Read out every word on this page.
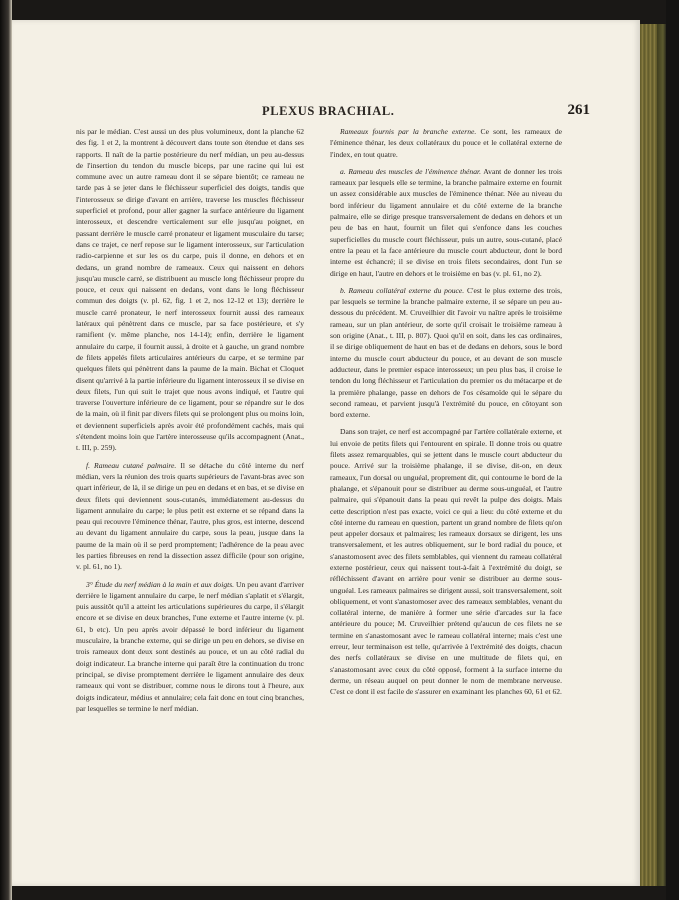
PLEXUS BRACHIAL.	261

nis par le médian. C'est aussi un des plus volumineux, dont la planche 62 des fig. 1 et 2, la montrent à découvert dans toute son étendue et dans ses rapports. Il naît de la partie postérieure du nerf médian, un peu au-dessus de l'insertion du tendon du muscle biceps, par une racine qui lui est commune avec un autre rameau dont il se sépare bientôt; ce rameau ne tarde pas à se jeter dans le fléchisseur superficiel des doigts, tandis que l'interosseux se dirige d'avant en arrière, traverse les muscles fléchisseur superficiel et profond, pour aller gagner la surface antérieure du ligament interosseux, et descendre verticalement sur elle jusqu'au poignet, en passant derrière le muscle carré pronateur et ligament musculaire du tarse; dans ce trajet, ce nerf repose sur le ligament interosseux, sur l'articulation radio-carpienne et sur les os du carpe, puis il donne, en dehors et en dedans, un grand nombre de rameaux. Ceux qui naissent en dehors jusqu'au muscle carré, se distribuent au muscle long fléchisseur propre du pouce, et ceux qui naissent en dedans, vont dans le long fléchisseur commun des doigts (v. pl. 62, fig. 1 et 2, nos 12-12 et 13); derrière le muscle carré pronateur, le nerf interosseux fournit aussi des rameaux latéraux qui pénètrent dans ce muscle, par sa face postérieure, et s'y ramifient (v. même planche, nos 14-14); enfin, derrière le ligament annulaire du carpe, il fournit aussi, à droite et à gauche, un grand nombre de filets appelés filets articulaires antérieurs du carpe, et se termine par quelques filets qui pénètrent dans la paume de la main. Bichat et Cloquet disent qu'arrivé à la partie inférieure du ligament interosseux il se divise en deux filets, l'un qui suit le trajet que nous avons indiqué, et l'autre qui traverse l'ouverture inférieure de ce ligament, pour se répandre sur le dos de la main, où il finit par divers filets qui se prolongent plus ou moins loin, et deviennent superficiels après avoir été profondément cachés, mais qui s'étendent moins loin que l'artère interosseuse qu'ils accompagnent (Anat., t. III, p. 259).

f. Rameau cutané palmaire. Il se détache du côté interne du nerf médian, vers la réunion des trois quarts supérieurs de l'avant-bras avec son quart inférieur, de là, il se dirige un peu en dedans et en bas, et se divise en deux filets qui deviennent sous-cutanés, immédiatement au-dessus du ligament annulaire du carpe; le plus petit est externe et se répand dans la peau qui recouvre l'éminence thénar, l'autre, plus gros, est interne, descend au devant du ligament annulaire du carpe, sous la peau, jusque dans la paume de la main où il se perd promptement; l'adhérence de la peau avec les parties fibreuses en rend la dissection assez difficile (pour son origine, v. pl. 61, no 1).

3° Étude du nerf médian à la main et aux doigts. Un peu avant d'arriver derrière le ligament annulaire du carpe, le nerf médian s'aplatit et s'élargit, puis aussitôt qu'il a atteint les articulations supérieures du carpe, il s'élargit encore et se divise en deux branches, l'une externe et l'autre interne (v. pl. 61, b etc). Un peu après avoir dépassé le bord inférieur du ligament musculaire, la branche externe, qui se dirige un peu en dehors, se divise en trois rameaux dont deux sont destinés au pouce, et un au côté radial du doigt indicateur. La branche interne qui paraît être la continuation du tronc principal, se divise promptement derrière le ligament annulaire des deux rameaux qui vont se distribuer, comme nous le dirons tout à l'heure, aux doigts indicateur, médius et annulaire; cela fait donc en tout cinq branches, par lesquelles se termine le nerf médian.

Rameaux fournis par la branche externe. Ce sont, les rameaux de l'éminence thénar, les deux collatéraux du pouce et le collatéral externe de l'index, en tout quatre.

a. Rameau des muscles de l'éminence thénar. Avant de donner les trois rameaux par lesquels elle se termine, la branche palmaire externe en fournit un assez considérable aux muscles de l'éminence thénar. Née au niveau du bord inférieur du ligament annulaire et du côté externe de la branche palmaire, elle se dirige presque transversalement de dedans en dehors et un peu de bas en haut, fournit un filet qui s'enfonce dans les couches superficielles du muscle court fléchisseur, puis un autre, sous-cutané, placé entre la peau et la face antérieure du muscle court abducteur, dont le bord interne est échancré; il se divise en trois filets secondaires, dont l'un se dirige en haut, l'autre en dehors et le troisième en bas (v. pl. 61, no 2).

b. Rameau collatéral externe du pouce. C'est le plus externe des trois, par lesquels se termine la branche palmaire externe, il se sépare un peu au-dessous du précédent. M. Cruveilhier dit l'avoir vu naître après le troisième rameau, sur un plan antérieur, de sorte qu'il croisait le troisième rameau à son origine (Anat., t. III, p. 807). Quoi qu'il en soit, dans les cas ordinaires, il se dirige obliquement de haut en bas et de dedans en dehors, sous le bord interne du muscle court abducteur du pouce, et au devant de son muscle adducteur, dans le premier espace interosseux; un peu plus bas, il croise le tendon du long fléchisseur et l'articulation du premier os du métacarpe et de la première phalange, passe en dehors de l'os césamoïde qui le sépare du second rameau, et parvient jusqu'à l'extrémité du pouce, en côtoyant son bord externe.

Dans son trajet, ce nerf est accompagné par l'artère collatérale externe, et lui envoie de petits filets qui l'entourent en spirale. Il donne trois ou quatre filets assez remarquables, qui se jettent dans le muscle court abducteur du pouce. Arrivé sur la troisième phalange, il se divise, dit-on, en deux rameaux, l'un dorsal ou unguéal, proprement dit, qui contourne le bord de la phalange, et s'épanouit pour se distribuer au derme sous-unguéal, et l'autre palmaire, qui s'épanouit dans la peau qui revêt la pulpe des doigts. Mais cette description n'est pas exacte, voici ce qui a lieu: du côté externe et du côté interne du rameau en question, partent un grand nombre de filets qu'on peut appeler dorsaux et palmaires; les rameaux dorsaux se dirigent, les uns transversalement, et les autres obliquement, sur le bord radial du pouce, et s'anastomosent avec des filets semblables, qui viennent du rameau collatéral externe postérieur, ceux qui naissent tout-à-fait à l'extrémité du doigt, se réfléchissent d'avant en arrière pour venir se distribuer au derme sous-unguéal. Les rameaux palmaires se dirigent aussi, soit transversalement, soit obliquement, et vont s'anastomoser avec des rameaux semblables, venant du collatéral interne, de manière à former une série d'arcades sur la face antérieure du pouce; M. Cruveilhier prétend qu'aucun de ces filets ne se termine en s'anastomosant avec le rameau collatéral interne; mais c'est une erreur, leur terminaison est telle, qu'arrivée à l'extrémité des doigts, chacun des nerfs collatéraux se divise en une multitude de filets qui, en s'anastomosant avec ceux du côté opposé, forment à la surface interne du derme, un réseau auquel on peut donner le nom de membrane nerveuse. C'est ce dont il est facile de s'assurer en examinant les planches 60, 61 et 62.
